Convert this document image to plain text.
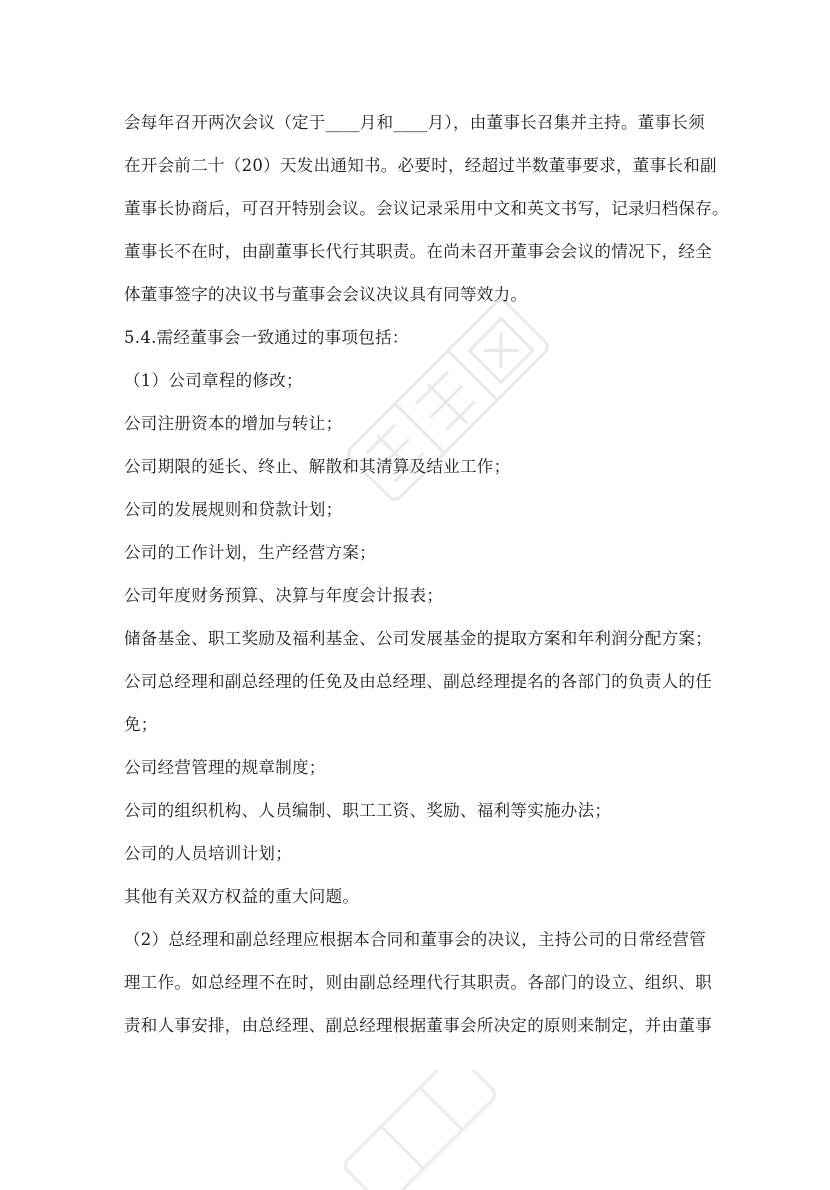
会每年召开两次会议（定于____月和____月），由董事长召集并主持。董事长须
在开会前二十（20）天发出通知书。必要时，经超过半数董事要求，董事长和副
董事长协商后，可召开特别会议。会议记录采用中文和英文书写，记录归档保存。
董事长不在时，由副董事长代行其职责。在尚未召开董事会会议的情况下，经全
体董事签字的决议书与董事会会议决议具有同等效力。
5.4.需经董事会一致通过的事项包括：
（1）公司章程的修改；
公司注册资本的增加与转让；
公司期限的延长、终止、解散和其清算及结业工作；
公司的发展规则和贷款计划；
公司的工作计划，生产经营方案；
公司年度财务预算、决算与年度会计报表；
储备基金、职工奖励及福利基金、公司发展基金的提取方案和年利润分配方案；
公司总经理和副总经理的任免及由总经理、副总经理提名的各部门的负责人的任
免；
公司经营管理的规章制度；
公司的组织机构、人员编制、职工工资、奖励、福利等实施办法；
公司的人员培训计划；
其他有关双方权益的重大问题。
（2）总经理和副总经理应根据本合同和董事会的决议，主持公司的日常经营管
理工作。如总经理不在时，则由副总经理代行其职责。各部门的设立、组织、职
责和人事安排，由总经理、副总经理根据董事会所决定的原则来制定，并由董事
